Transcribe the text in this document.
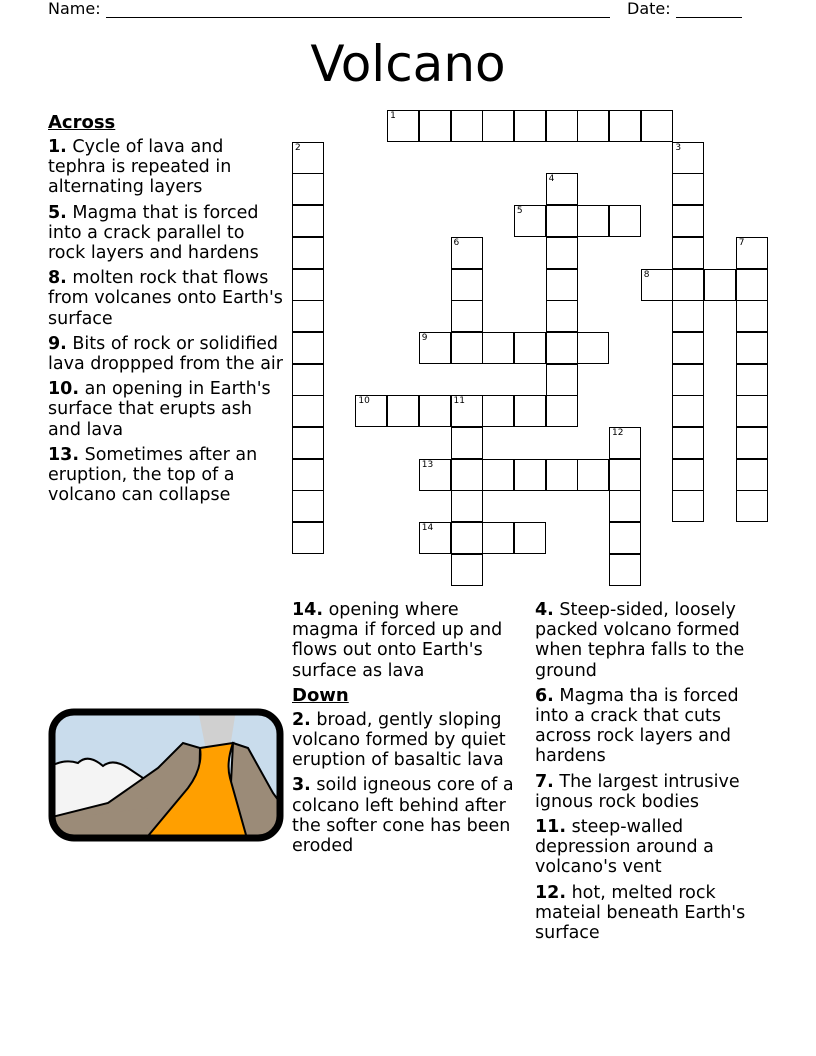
Name:	Date:
Volcano
1
2	3
4
5
6	7
8
9
10	11
12
13
14
Across
1. Cycle of lava and tephra is repeated in alternating layers
5. Magma that is forced into a crack parallel to rock layers and hardens
8. molten rock that flows from volcanes onto Earth's surface
9. Bits of rock or solidified lava droppped from the air
10. an opening in Earth's surface that erupts ash and lava
13. Sometimes after an eruption, the top of a volcano can collapse
14. opening where magma if forced up and flows out onto Earth's surface as lava
Down
2. broad, gently sloping volcano formed by quiet eruption of basaltic lava
3. soild igneous core of a colcano left behind after the softer cone has been eroded
4. Steep-sided, loosely packed volcano formed when tephra falls to the ground
6. Magma tha is forced into a crack that cuts across rock layers and hardens
7. The largest intrusive ignous rock bodies
11. steep-walled depression around a volcano's vent
12. hot, melted rock mateial beneath Earth's surface
